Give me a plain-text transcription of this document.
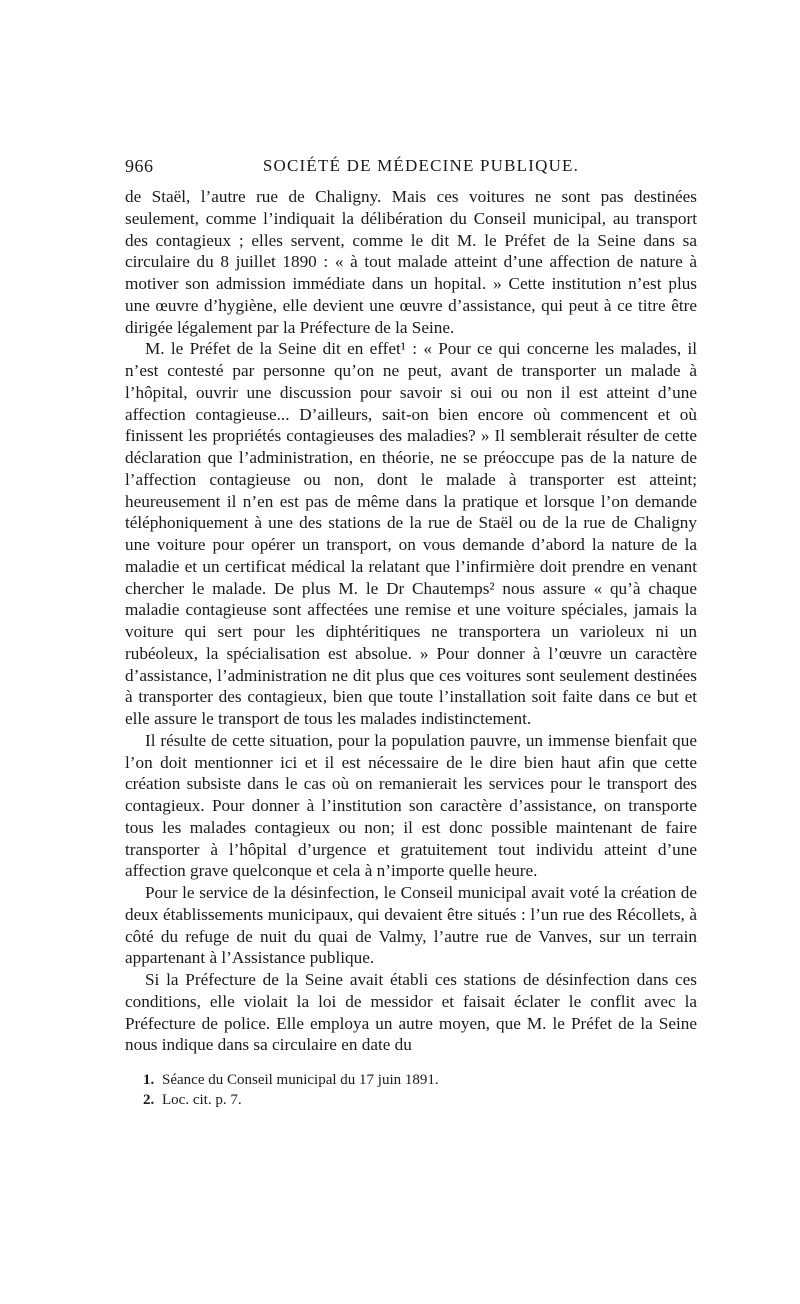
966	SOCIÉTÉ DE MÉDECINE PUBLIQUE.

de Staël, l’autre rue de Chaligny. Mais ces voitures ne sont pas destinées seulement, comme l’indiquait la délibération du Conseil municipal, au transport des contagieux ; elles servent, comme le dit M. le Préfet de la Seine dans sa circulaire du 8 juillet 1890 : « à tout malade atteint d’une affection de nature à motiver son admission immédiate dans un hopital. » Cette institution n’est plus une œuvre d’hygiène, elle devient une œuvre d’assistance, qui peut à ce titre être dirigée légalement par la Préfecture de la Seine.

M. le Préfet de la Seine dit en effet¹ : « Pour ce qui concerne les malades, il n’est contesté par personne qu’on ne peut, avant de transporter un malade à l’hôpital, ouvrir une discussion pour savoir si oui ou non il est atteint d’une affection contagieuse... D’ailleurs, sait-on bien encore où commencent et où finissent les propriétés contagieuses des maladies? » Il semblerait résulter de cette déclaration que l’administration, en théorie, ne se préoccupe pas de la nature de l’affection contagieuse ou non, dont le malade à transporter est atteint; heureusement il n’en est pas de même dans la pratique et lorsque l’on demande téléphoniquement à une des stations de la rue de Staël ou de la rue de Chaligny une voiture pour opérer un transport, on vous demande d’abord la nature de la maladie et un certificat médical la relatant que l’infirmière doit prendre en venant chercher le malade. De plus M. le Dr Chautemps² nous assure « qu’à chaque maladie contagieuse sont affectées une remise et une voiture spéciales, jamais la voiture qui sert pour les diphtéritiques ne transportera un varioleux ni un rubéoleux, la spécialisation est absolue. » Pour donner à l’œuvre un caractère d’assistance, l’administration ne dit plus que ces voitures sont seulement destinées à transporter des contagieux, bien que toute l’installation soit faite dans ce but et elle assure le transport de tous les malades indistinctement.

Il résulte de cette situation, pour la population pauvre, un immense bienfait que l’on doit mentionner ici et il est nécessaire de le dire bien haut afin que cette création subsiste dans le cas où on remanierait les services pour le transport des contagieux. Pour donner à l’institution son caractère d’assistance, on transporte tous les malades contagieux ou non; il est donc possible maintenant de faire transporter à l’hôpital d’urgence et gratuitement tout individu atteint d’une affection grave quelconque et cela à n’importe quelle heure.

Pour le service de la désinfection, le Conseil municipal avait voté la création de deux établissements municipaux, qui devaient être situés : l’un rue des Récollets, à côté du refuge de nuit du quai de Valmy, l’autre rue de Vanves, sur un terrain appartenant à l’Assistance publique.

Si la Préfecture de la Seine avait établi ces stations de désinfection dans ces conditions, elle violait la loi de messidor et faisait éclater le conflit avec la Préfecture de police. Elle employa un autre moyen, que M. le Préfet de la Seine nous indique dans sa circulaire en date du

1. Séance du Conseil municipal du 17 juin 1891.
2. Loc. cit. p. 7.
